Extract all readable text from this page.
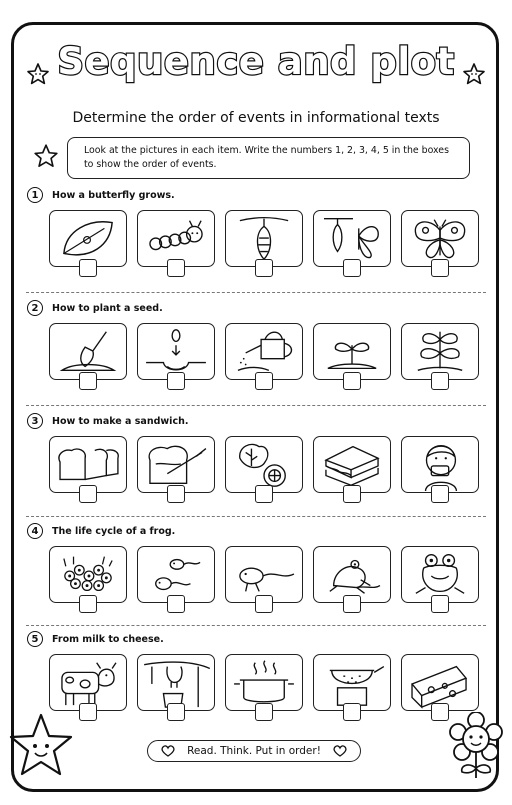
Sequence and plot
Determine the order of events in informational texts
Look at the pictures in each item. Write the numbers 1, 2, 3, 4, 5 in the boxes
to show the order of events.
1	How a butterfly grows.
2	How to plant a seed.
3	How to make a sandwich.
4	The life cycle of a frog.
5	From milk to cheese.
Read. Think. Put in order!
